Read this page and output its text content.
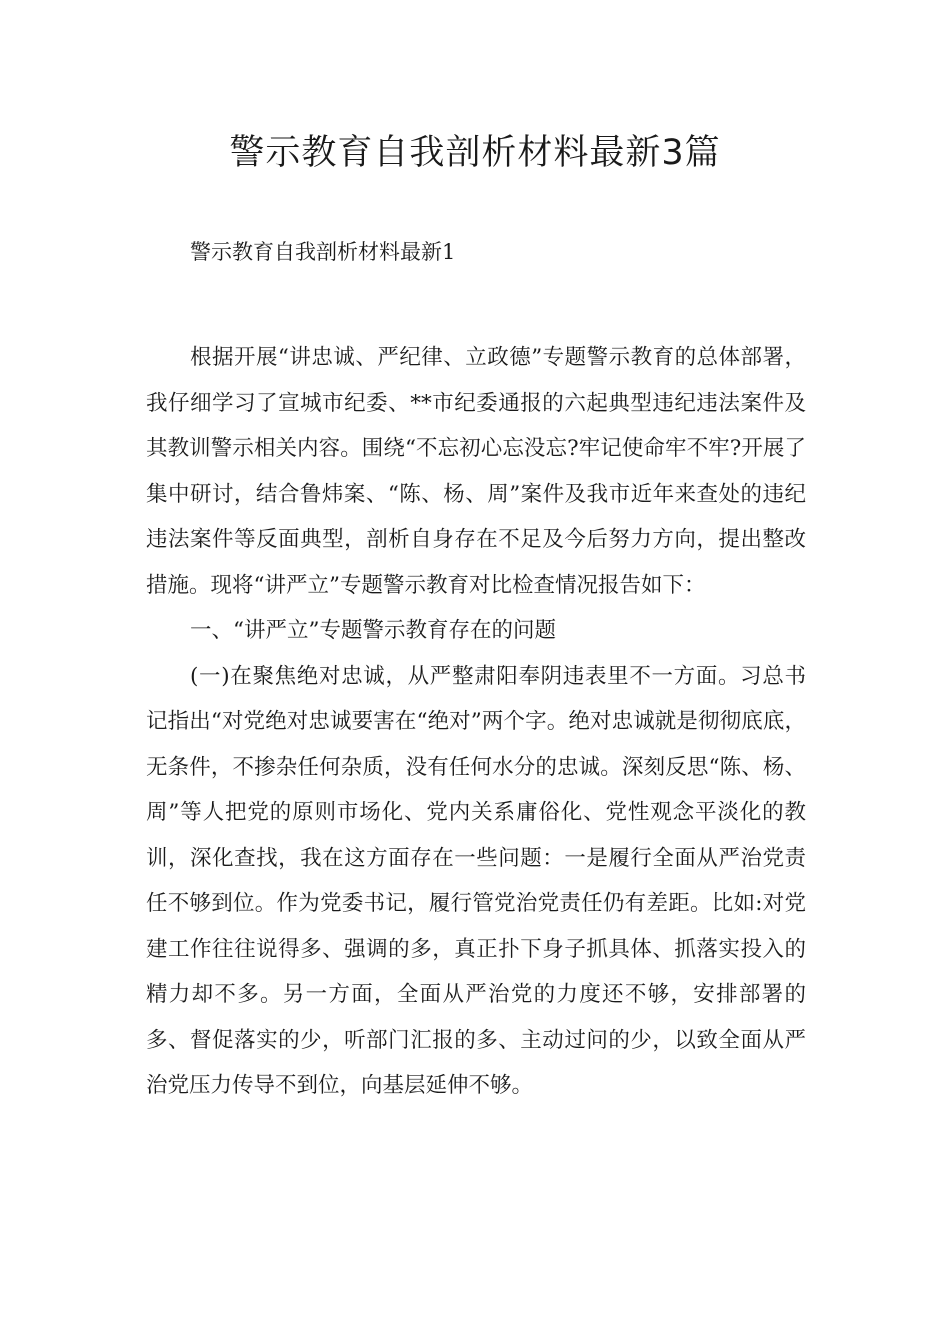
警示教育自我剖析材料最新3篇

警示教育自我剖析材料最新1

根据开展“讲忠诚、严纪律、立政德”专题警示教育的总体部署，我仔细学习了宣城市纪委、**市纪委通报的六起典型违纪违法案件及其教训警示相关内容。围绕“不忘初心忘没忘?牢记使命牢不牢?开展了集中研讨，结合鲁炜案、“陈、杨、周”案件及我市近年来查处的违纪违法案件等反面典型，剖析自身存在不足及今后努力方向，提出整改措施。现将“讲严立”专题警示教育对比检查情况报告如下：

一、“讲严立”专题警示教育存在的问题

(一)在聚焦绝对忠诚，从严整肃阳奉阴违表里不一方面。习总书记指出“对党绝对忠诚要害在“绝对”两个字。绝对忠诚就是彻彻底底，无条件，不掺杂任何杂质，没有任何水分的忠诚。深刻反思“陈、杨、周”等人把党的原则市场化、党内关系庸俗化、党性观念平淡化的教训，深化查找，我在这方面存在一些问题：一是履行全面从严治党责任不够到位。作为党委书记，履行管党治党责任仍有差距。比如:对党建工作往往说得多、强调的多，真正扑下身子抓具体、抓落实投入的精力却不多。另一方面，全面从严治党的力度还不够，安排部署的多、督促落实的少，听部门汇报的多、主动过问的少，以致全面从严治党压力传导不到位，向基层延伸不够。
